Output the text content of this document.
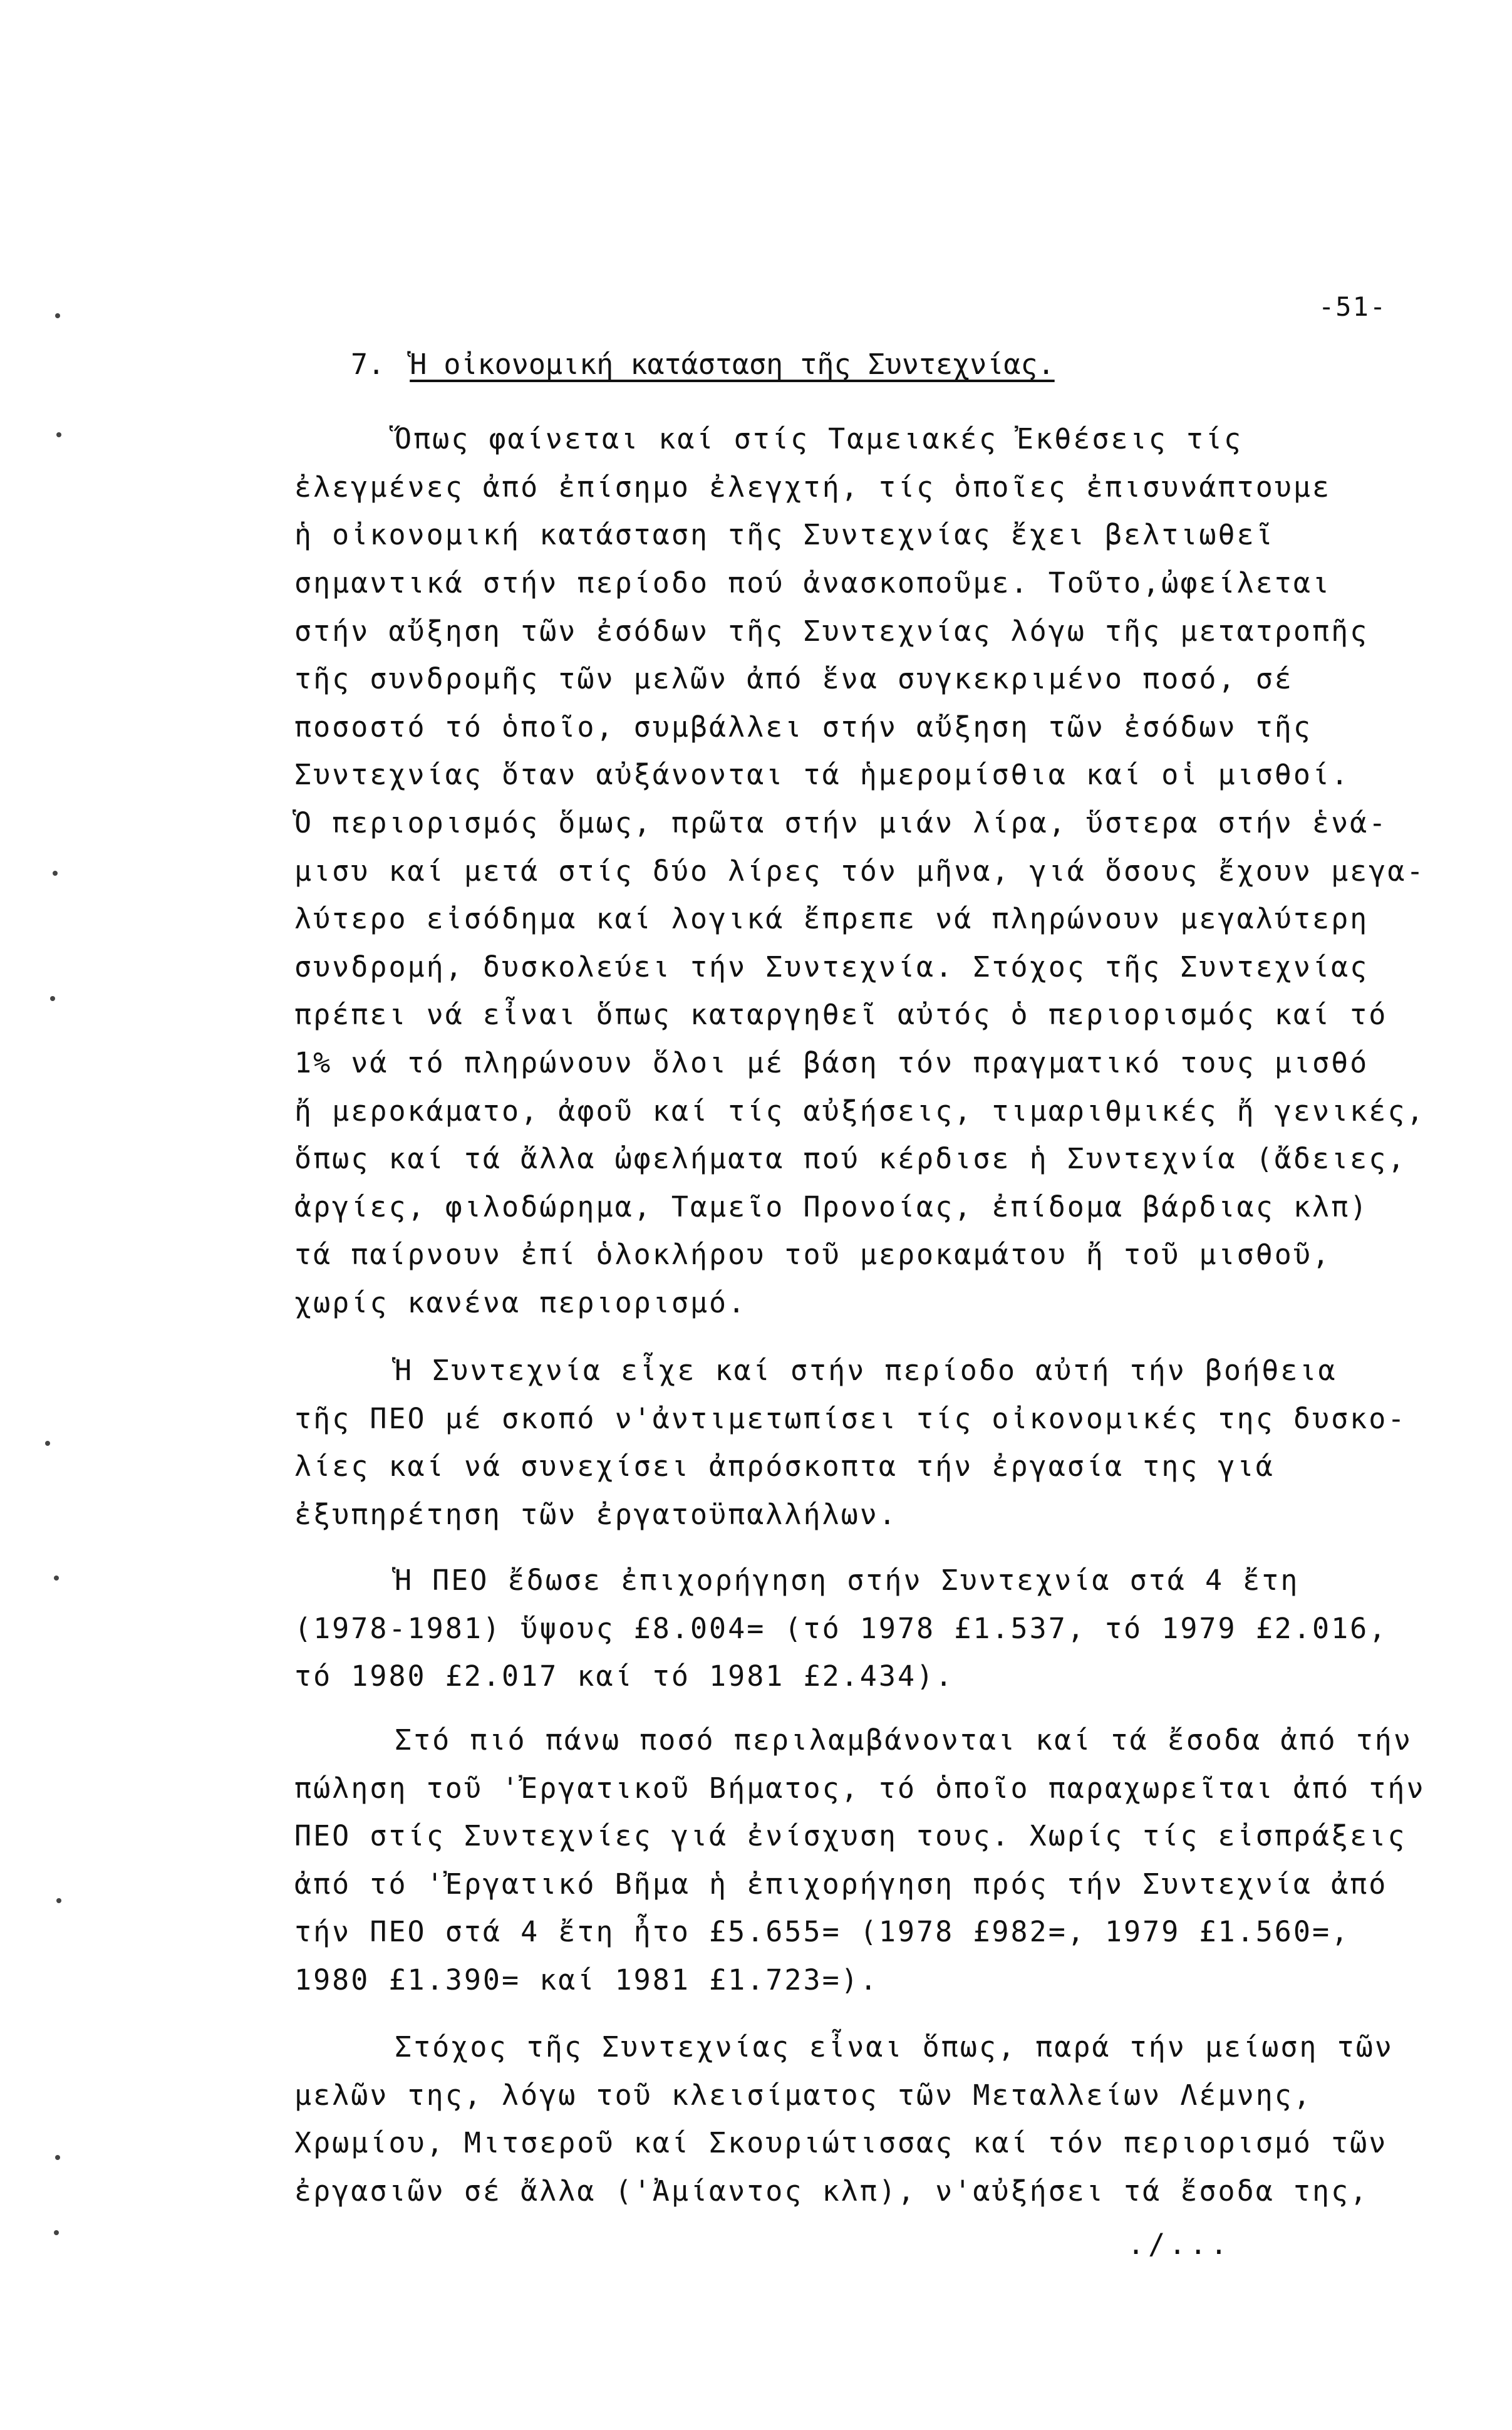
-51-
7. Ἡ οἰκονομική κατάσταση τῆς Συντεχνίας.
Ὅπως φαίνεται καί στίς Ταμειακές Ἐκθέσεις τίς
ἐλεγμένες ἀπό ἐπίσημο ἐλεγχτή, τίς ὁποῖες ἐπισυνάπτουμε
ἡ οἰκονομική κατάσταση τῆς Συντεχνίας ἔχει βελτιωθεῖ
σημαντικά στήν περίοδο πού ἀνασκοποῦμε. Τοῦτο,ὠφείλεται
στήν αὔξηση τῶν ἐσόδων τῆς Συντεχνίας λόγω τῆς μετατροπῆς
τῆς συνδρομῆς τῶν μελῶν ἀπό ἕνα συγκεκριμένο ποσό, σέ
ποσοστό τό ὁποῖο, συμβάλλει στήν αὔξηση τῶν ἐσόδων τῆς
Συντεχνίας ὅταν αὐξάνονται τά ἡμερομίσθια καί οἱ μισθοί.
Ὁ περιορισμός ὅμως, πρῶτα στήν μιάν λίρα, ὕστερα στήν ἑνά-
μισυ καί μετά στίς δύο λίρες τόν μῆνα, γιά ὅσους ἔχουν μεγα-
λύτερο εἰσόδημα καί λογικά ἔπρεπε νά πληρώνουν μεγαλύτερη
συνδρομή, δυσκολεύει τήν Συντεχνία. Στόχος τῆς Συντεχνίας
πρέπει νά εἶναι ὅπως καταργηθεῖ αὐτός ὁ περιορισμός καί τό
1% νά τό πληρώνουν ὅλοι μέ βάση τόν πραγματικό τους μισθό
ἤ μεροκάματο, ἀφοῦ καί τίς αὐξήσεις, τιμαριθμικές ἤ γενικές,
ὅπως καί τά ἄλλα ὠφελήματα πού κέρδισε ἡ Συντεχνία (ἄδειες,
ἀργίες, φιλοδώρημα, Ταμεῖο Προνοίας, ἐπίδομα βάρδιας κλπ)
τά παίρνουν ἐπί ὁλοκλήρου τοῦ μεροκαμάτου ἤ τοῦ μισθοῦ,
χωρίς κανένα περιορισμό.
Ἡ Συντεχνία εἶχε καί στήν περίοδο αὐτή τήν βοήθεια
τῆς ΠΕΟ μέ σκοπό ν'ἀντιμετωπίσει τίς οἰκονομικές της δυσκο-
λίες καί νά συνεχίσει ἀπρόσκοπτα τήν ἐργασία της γιά
ἐξυπηρέτηση τῶν ἐργατοϋπαλλήλων.
Ἡ ΠΕΟ ἔδωσε ἐπιχορήγηση στήν Συντεχνία στά 4 ἔτη
(1978-1981) ὕψους £8.004= (τό 1978 £1.537, τό 1979 £2.016,
τό 1980 £2.017 καί τό 1981 £2.434).
Στό πιό πάνω ποσό περιλαμβάνονται καί τά ἔσοδα ἀπό τήν
πώληση τοῦ 'Ἐργατικοῦ Βήματος, τό ὁποῖο παραχωρεῖται ἀπό τήν
ΠΕΟ στίς Συντεχνίες γιά ἐνίσχυση τους. Χωρίς τίς εἰσπράξεις
ἀπό τό 'Ἐργατικό Βῆμα ἡ ἐπιχορήγηση πρός τήν Συντεχνία ἀπό
τήν ΠΕΟ στά 4 ἔτη ἦτο £5.655= (1978 £982=, 1979 £1.560=,
1980 £1.390= καί 1981 £1.723=).
Στόχος τῆς Συντεχνίας εἶναι ὅπως, παρά τήν μείωση τῶν
μελῶν της, λόγω τοῦ κλεισίματος τῶν Μεταλλείων Λέμνης,
Χρωμίου, Μιτσεροῦ καί Σκουριώτισσας καί τόν περιορισμό τῶν
ἐργασιῶν σέ ἄλλα ('Ἀμίαντος κλπ), ν'αὐξήσει τά ἔσοδα της,
./...
